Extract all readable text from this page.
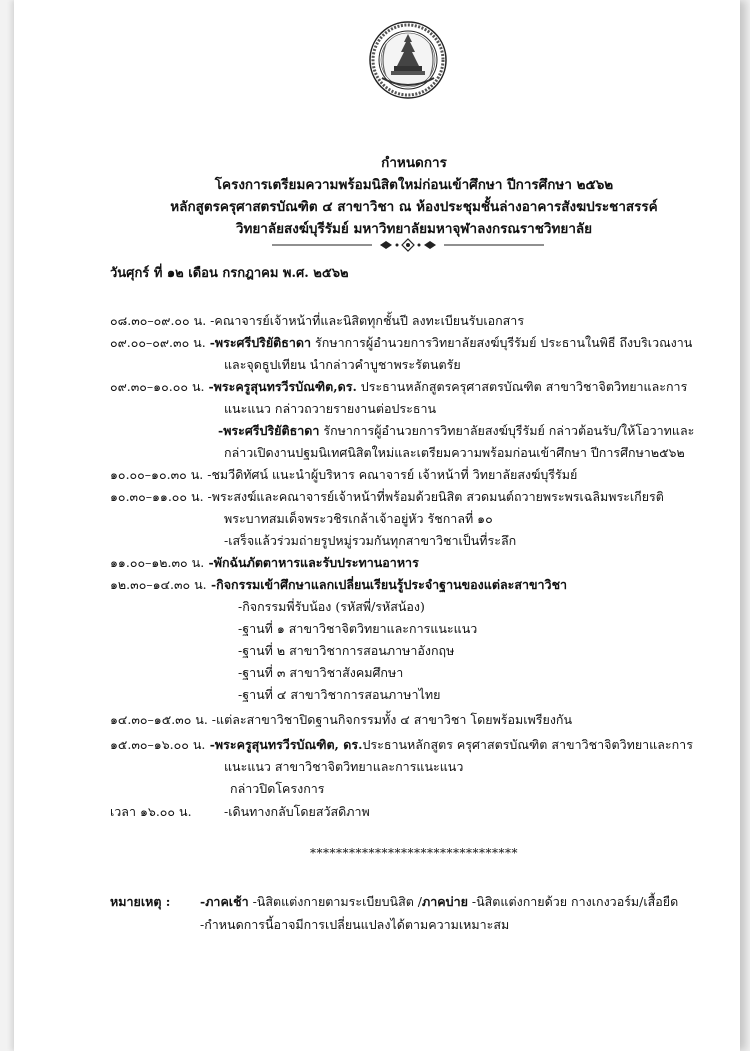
กำหนดการ

โครงการเตรียมความพร้อมนิสิตใหม่ก่อนเข้าศึกษา ปีการศึกษา ๒๕๖๒

หลักสูตรครุศาสตรบัณฑิต ๔ สาขาวิชา ณ ห้องประชุมชั้นล่างอาคารสังฆประชาสรรค์

วิทยาลัยสงฆ์บุรีรัมย์ มหาวิทยาลัยมหาจุฬาลงกรณราชวิทยาลัย

วันศุกร์ ที่ ๑๒ เดือน กรกฎาคม พ.ศ. ๒๕๖๒
๐๘.๓๐–๐๙.๐๐ น. -คณาจารย์เจ้าหน้าที่และนิสิตทุกชั้นปี ลงทะเบียนรับเอกสาร
๐๙.๐๐–๐๙.๓๐ น. -พระศรีปริยัติธาดา รักษาการผู้อำนวยการวิทยาลัยสงฆ์บุรีรัมย์ ประธานในพิธี ถึงบริเวณงาน
และจุดธูปเทียน นำกล่าวคำบูชาพระรัตนตรัย
๐๙.๓๐–๑๐.๐๐ น. -พระครูสุนทรวีรบัณฑิต,ดร. ประธานหลักสูตรครุศาสตรบัณฑิต สาขาวิชาจิตวิทยาและการ
แนะแนว กล่าวถวายรายงานต่อประธาน
-พระศรีปริยัติธาดา รักษาการผู้อำนวยการวิทยาลัยสงฆ์บุรีรัมย์ กล่าวต้อนรับ/ให้โอวาทและ
กล่าวเปิดงานปฐมนิเทศนิสิตใหม่และเตรียมความพร้อมก่อนเข้าศึกษา ปีการศึกษา๒๕๖๒
๑๐.๐๐–๑๐.๓๐ น. -ชมวีดิทัศน์ แนะนำผู้บริหาร คณาจารย์ เจ้าหน้าที่ วิทยาลัยสงฆ์บุรีรัมย์
๑๐.๓๐–๑๑.๐๐ น. -พระสงฆ์และคณาจารย์เจ้าหน้าที่พร้อมด้วยนิสิต สวดมนต์ถวายพระพรเฉลิมพระเกียรติ
พระบาทสมเด็จพระวชิรเกล้าเจ้าอยู่หัว รัชกาลที่ ๑๐
-เสร็จแล้วร่วมถ่ายรูปหมู่รวมกันทุกสาขาวิชาเป็นที่ระลึก
๑๑.๐๐–๑๒.๓๐ น. -พักฉันภัตตาหารและรับประทานอาหาร
๑๒.๓๐–๑๔.๓๐ น. -กิจกรรมเข้าศึกษาแลกเปลี่ยนเรียนรู้ประจำฐานของแต่ละสาขาวิชา
-กิจกรรมพี่รับน้อง (รหัสพี่/รหัสน้อง)
-ฐานที่ ๑ สาขาวิชาจิตวิทยาและการแนะแนว
-ฐานที่ ๒ สาขาวิชาการสอนภาษาอังกฤษ
-ฐานที่ ๓ สาขาวิชาสังคมศึกษา
-ฐานที่ ๔ สาขาวิชาการสอนภาษาไทย
๑๔.๓๐–๑๕.๓๐ น. -แต่ละสาขาวิชาปิดฐานกิจกรรมทั้ง ๔ สาขาวิชา โดยพร้อมเพรียงกัน
๑๕.๓๐–๑๖.๐๐ น. -พระครูสุนทรวีรบัณฑิต, ดร.ประธานหลักสูตร ครุศาสตรบัณฑิต สาขาวิชาจิตวิทยาและการ
แนะแนว สาขาวิชาจิตวิทยาและการแนะแนว
กล่าวปิดโครงการ
เวลา ๑๖.๐๐ น.	-เดินทางกลับโดยสวัสดิภาพ
********************************
หมายเหตุ : -ภาคเช้า -นิสิตแต่งกายตามระเบียบนิสิต /ภาคบ่าย -นิสิตแต่งกายด้วย กางเกงวอร์ม/เสื้อยืด
-กำหนดการนี้อาจมีการเปลี่ยนแปลงได้ตามความเหมาะสม
